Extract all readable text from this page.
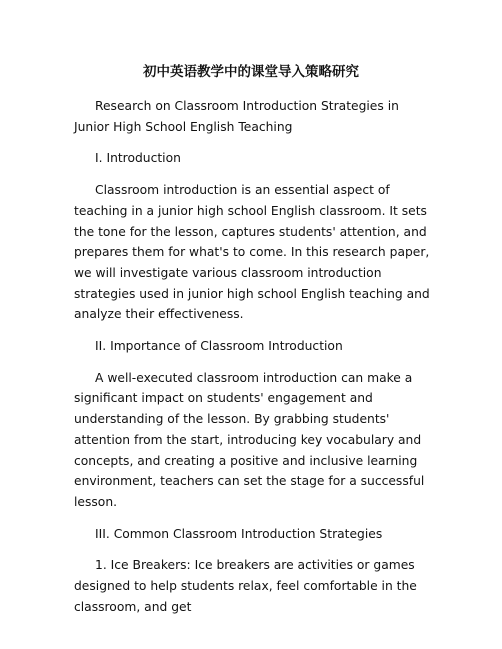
初中英语教学中的课堂导入策略研究

Research on Classroom Introduction Strategies in Junior High School English Teaching

I. Introduction

Classroom introduction is an essential aspect of teaching in a junior high school English classroom. It sets the tone for the lesson, captures students' attention, and prepares them for what's to come. In this research paper, we will investigate various classroom introduction strategies used in junior high school English teaching and analyze their effectiveness.

II. Importance of Classroom Introduction

A well-executed classroom introduction can make a significant impact on students' engagement and understanding of the lesson. By grabbing students' attention from the start, introducing key vocabulary and concepts, and creating a positive and inclusive learning environment, teachers can set the stage for a successful lesson.

III. Common Classroom Introduction Strategies

1. Ice Breakers: Ice breakers are activities or games designed to help students relax, feel comfortable in the classroom, and get
